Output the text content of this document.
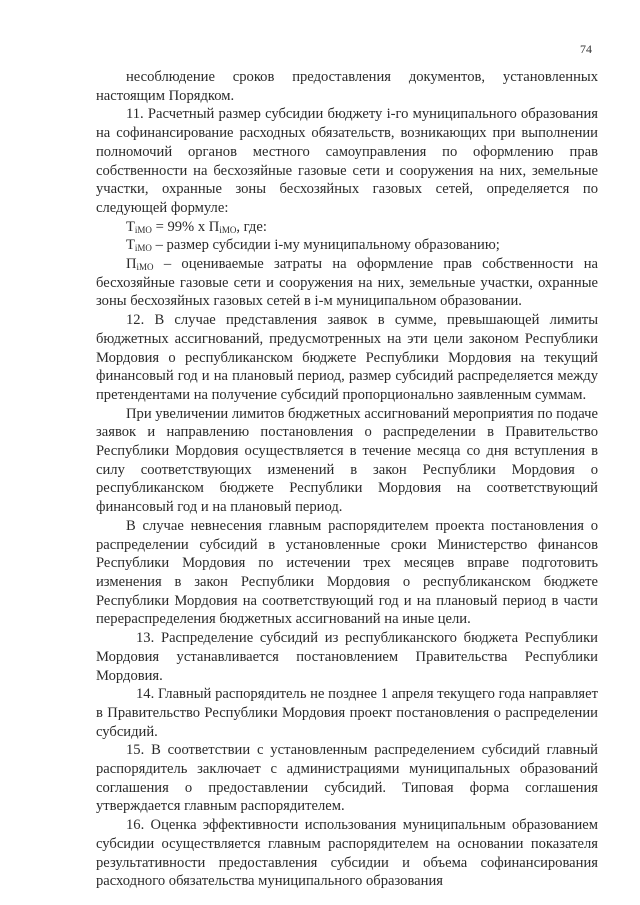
74

несоблюдение сроков предоставления документов, установленных настоящим Порядком.

11. Расчетный размер субсидии бюджету i-го муниципального образования на софинансирование расходных обязательств, возникающих при выполнении полномочий органов местного самоуправления по оформлению прав собственности на бесхозяйные газовые сети и сооружения на них, земельные участки, охранные зоны бесхозяйных газовых сетей, определяется по следующей формуле:

$Т_{iМО} = 99\%$ х $П_{iМО}$, где:

$Т_{iМО}$ – размер субсидии i-му муниципальному образованию;

$П_{iМО}$ – оцениваемые затраты на оформление прав собственности на бесхозяйные газовые сети и сооружения на них, земельные участки, охранные зоны бесхозяйных газовых сетей в i-м муниципальном образовании.

12. В случае представления заявок в сумме, превышающей лимиты бюджетных ассигнований, предусмотренных на эти цели законом Республики Мордовия о республиканском бюджете Республики Мордовия на текущий финансовый год и на плановый период, размер субсидий распределяется между претендентами на получение субсидий пропорционально заявленным суммам.

При увеличении лимитов бюджетных ассигнований мероприятия по подаче заявок и направлению постановления о распределении в Правительство Республики Мордовия осуществляется в течение месяца со дня вступления в силу соответствующих изменений в закон Республики Мордовия о республиканском бюджете Республики Мордовия на соответствующий финансовый год и на плановый период.

В случае невнесения главным распорядителем проекта постановления о распределении субсидий в установленные сроки Министерство финансов Республики Мордовия по истечении трех месяцев вправе подготовить изменения в закон Республики Мордовия о республиканском бюджете Республики Мордовия на соответствующий год и на плановый период в части перераспределения бюджетных ассигнований на иные цели.

13. Распределение субсидий из республиканского бюджета Республики Мордовия устанавливается постановлением Правительства Республики Мордовия.

14. Главный распорядитель не позднее 1 апреля текущего года направляет в Правительство Республики Мордовия проект постановления о распределении субсидий.

15. В соответствии с установленным распределением субсидий главный распорядитель заключает с администрациями муниципальных образований соглашения о предоставлении субсидий. Типовая форма соглашения утверждается главным распорядителем.

16. Оценка эффективности использования муниципальным образованием субсидии осуществляется главным распорядителем на основании показателя результативности предоставления субсидии и объема софинансирования расходного обязательства муниципального образования
